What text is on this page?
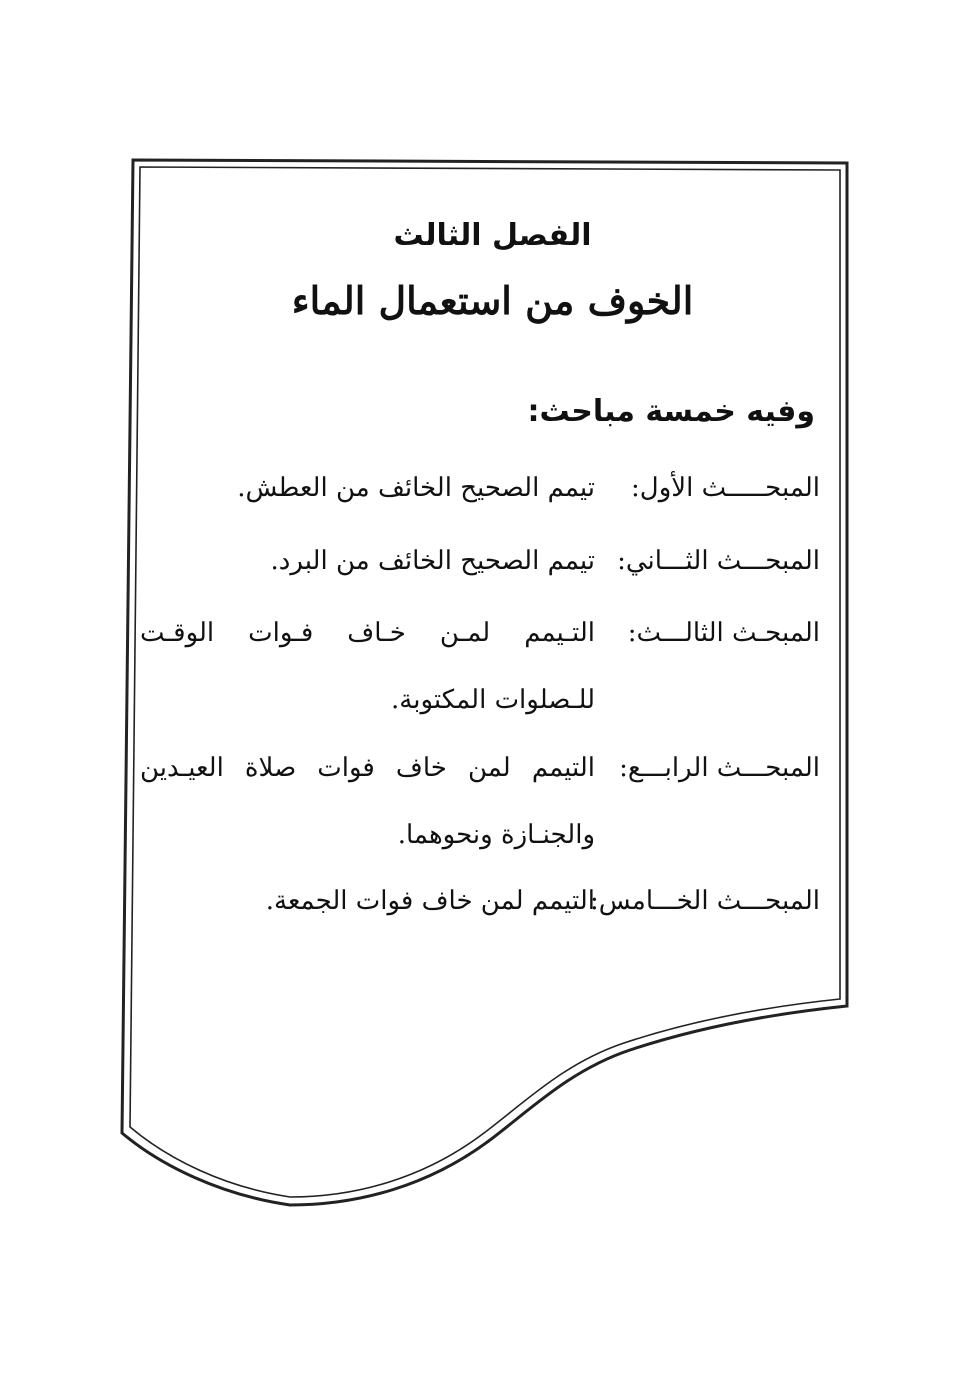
الفصل الثالث
الخوف من استعمال الماء
وفيه خمسة مباحث:
المبحـــــث الأول:
تيمم الصحيح الخائف من العطش.
المبحـــث الثـــاني:
تيمم الصحيح الخائف من البرد.
المبحـث الثالـــث:
التـيمم لمـن خـاف فـوات الوقـت للـصلوات المكتوبة.
المبحـــث الرابـــع:
التيمم لمن خاف فوات صلاة العيـدين والجنـازة ونحوهما.
المبحـــث الخـــامس:
التيمم لمن خاف فوات الجمعة.
